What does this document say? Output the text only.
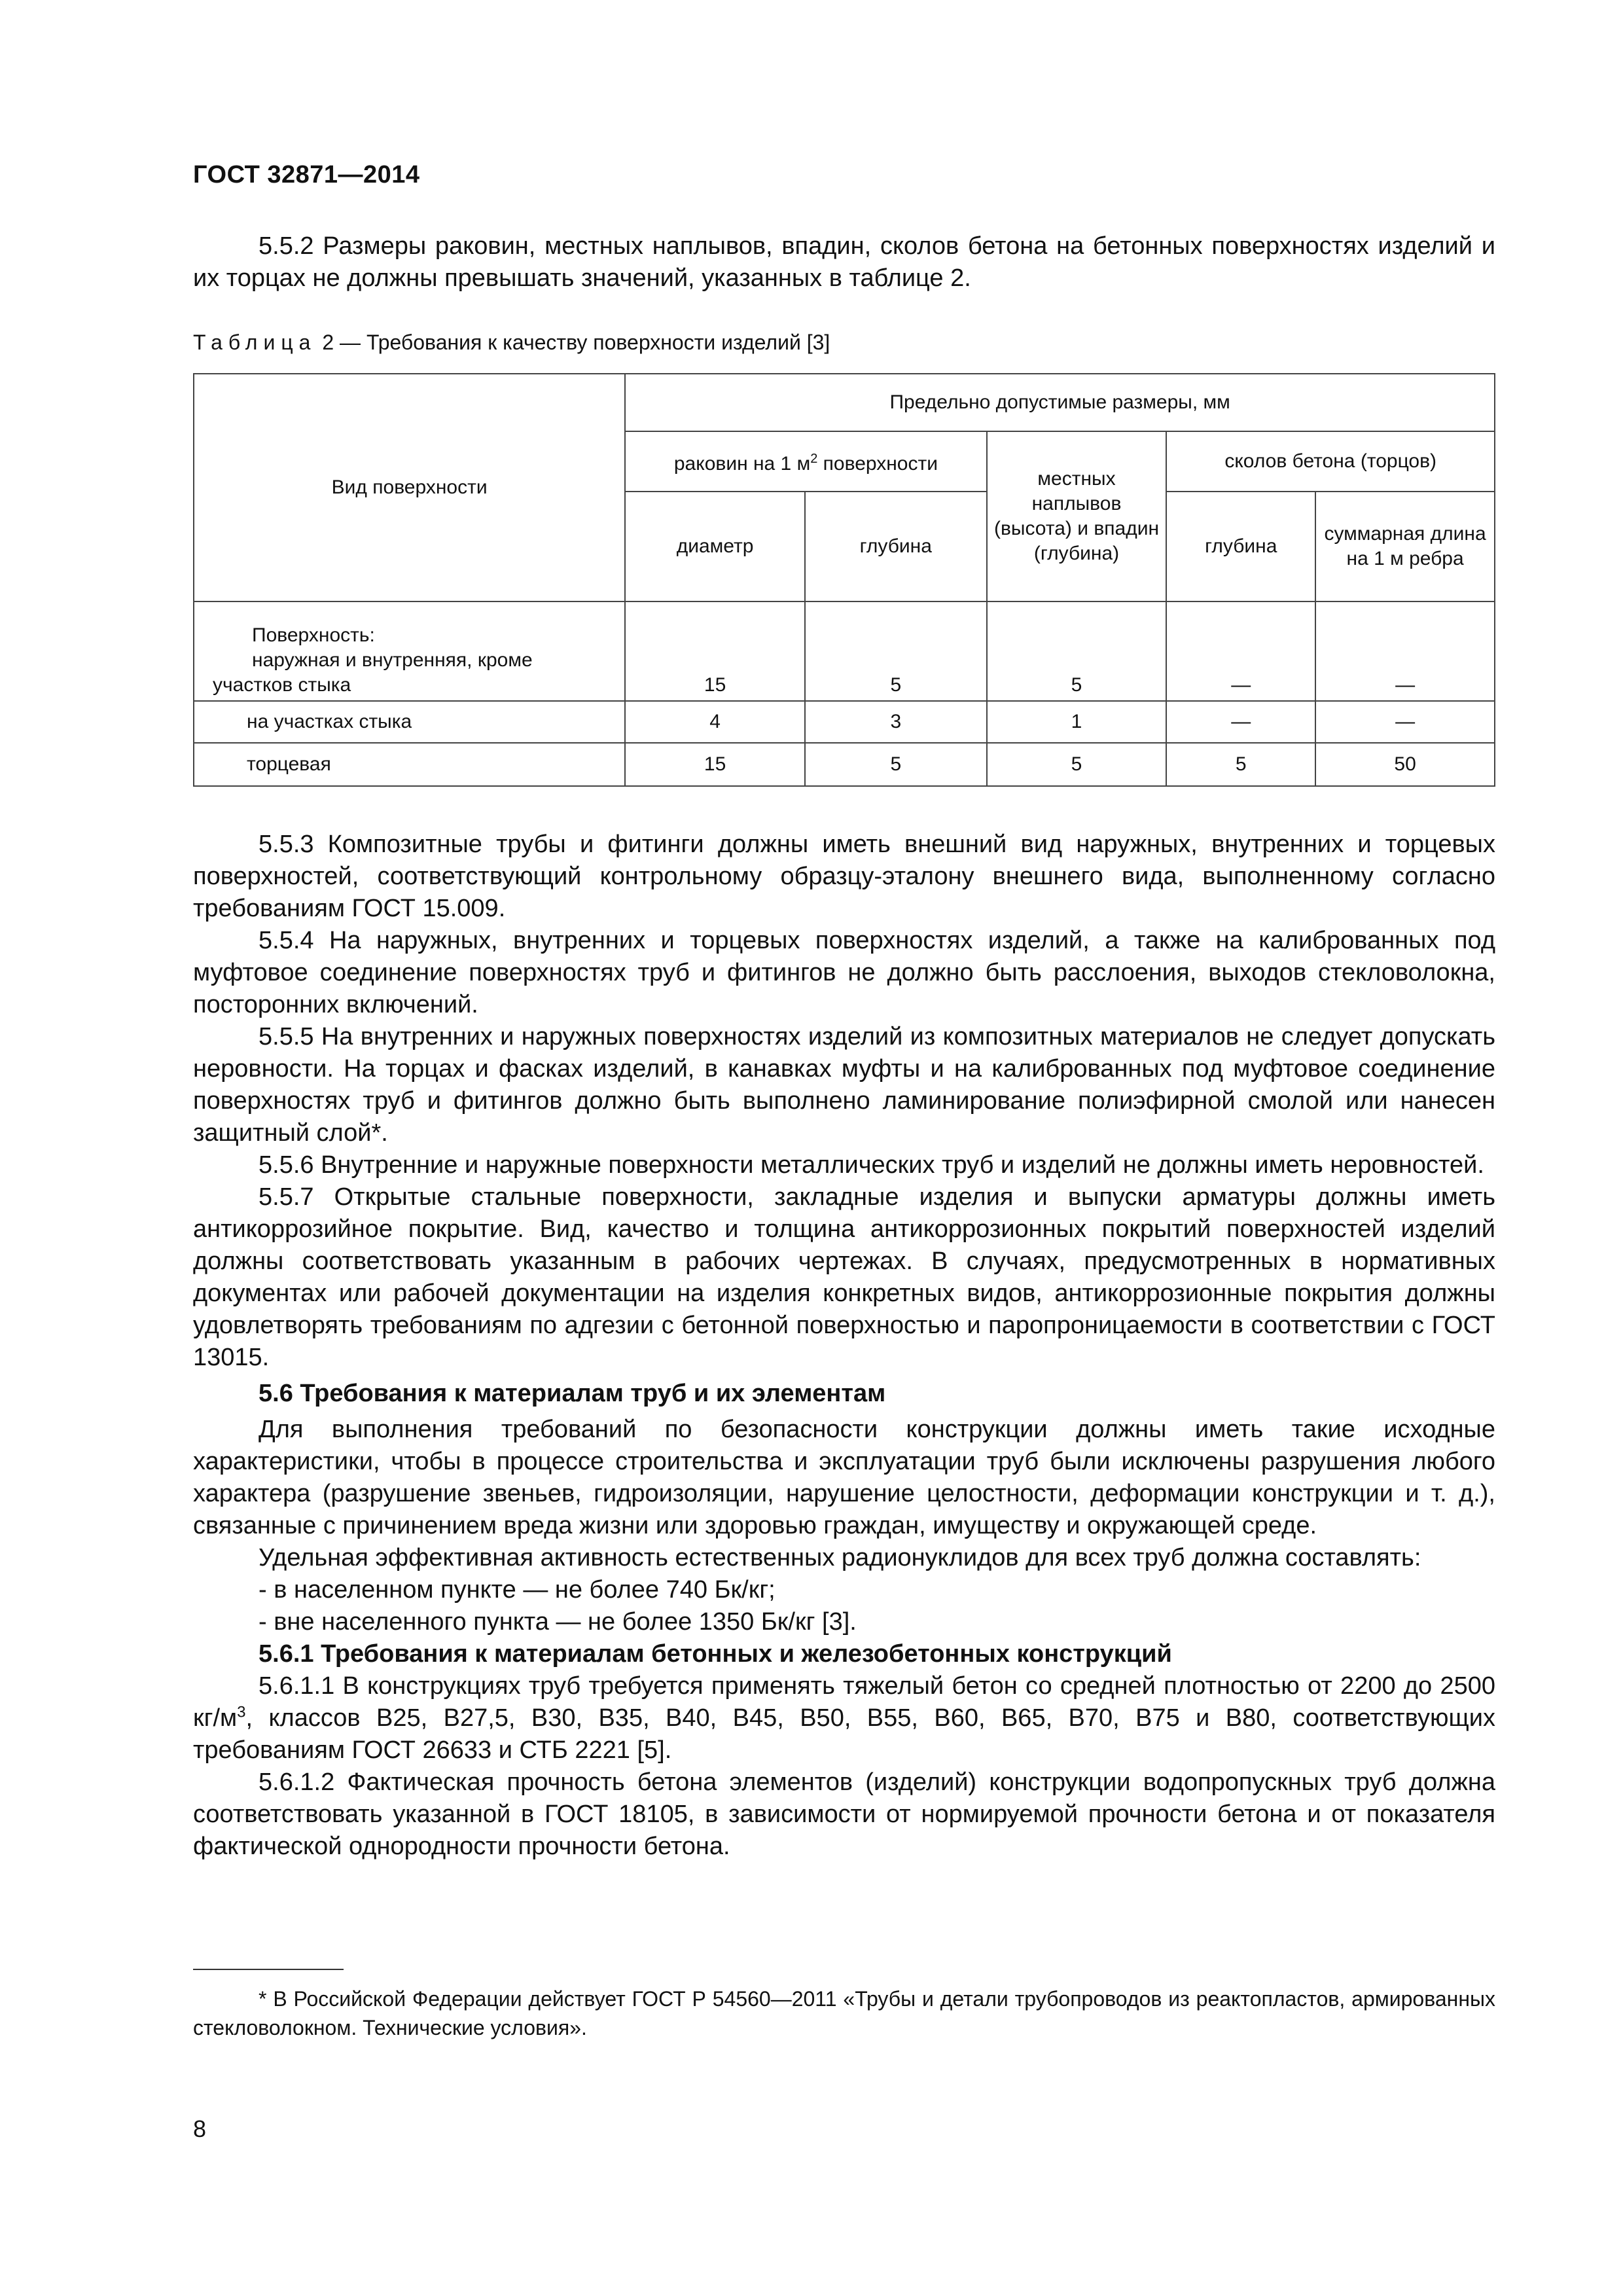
ГОСТ 32871—2014

5.5.2 Размеры раковин, местных наплывов, впадин, сколов бетона на бетонных поверхностях изделий и их торцах не должны превышать значений, указанных в таблице 2.

Таблица 2 — Требования к качеству поверхности изделий [3]
Вид поверхности	Предельно допустимые размеры, мм				
	раковин на 1 $м^2$ поверхности		местных наплывов (высота) и впадин (глубина)	сколов бетона (торцов)	
	диаметр	глубина		глубина	суммарная длина на 1 м ребра

Поверхность:
наружная и внутренняя, кроме
участков стыка	15	5	5	—	—
на участках стыка	4	3	1	—	—
торцевая	15	5	5	5	50

5.5.3 Композитные трубы и фитинги должны иметь внешний вид наружных, внутренних и торцевых поверхностей, соответствующий контрольному образцу-эталону внешнего вида, выполненному согласно требованиям ГОСТ 15.009.

5.5.4 На наружных, внутренних и торцевых поверхностях изделий, а также на калиброванных под муфтовое соединение поверхностях труб и фитингов не должно быть расслоения, выходов стекловолокна, посторонних включений.

5.5.5 На внутренних и наружных поверхностях изделий из композитных материалов не следует допускать неровности. На торцах и фасках изделий, в канавках муфты и на калиброванных под муфтовое соединение поверхностях труб и фитингов должно быть выполнено ламинирование полиэфирной смолой или нанесен защитный слой*.

5.5.6 Внутренние и наружные поверхности металлических труб и изделий не должны иметь неровностей.

5.5.7 Открытые стальные поверхности, закладные изделия и выпуски арматуры должны иметь антикоррозийное покрытие. Вид, качество и толщина антикоррозионных покрытий поверхностей изделий должны соответствовать указанным в рабочих чертежах. В случаях, предусмотренных в нормативных документах или рабочей документации на изделия конкретных видов, антикоррозионные покрытия должны удовлетворять требованиям по адгезии с бетонной поверхностью и паропроницаемости в соответствии с ГОСТ 13015.

5.6 Требования к материалам труб и их элементам

Для выполнения требований по безопасности конструкции должны иметь такие исходные характеристики, чтобы в процессе строительства и эксплуатации труб были исключены разрушения любого характера (разрушение звеньев, гидроизоляции, нарушение целостности, деформации конструкции и т. д.), связанные с причинением вреда жизни или здоровью граждан, имуществу и окружающей среде.

Удельная эффективная активность естественных радионуклидов для всех труб должна составлять:

- в населенном пункте — не более 740 Бк/кг;

- вне населенного пункта — не более 1350 Бк/кг [3].

5.6.1 Требования к материалам бетонных и железобетонных конструкций

5.6.1.1 В конструкциях труб требуется применять тяжелый бетон со средней плотностью от 2200 до 2500 $кг/м^3$, классов В25, В27,5, В30, В35, В40, В45, В50, В55, В60, В65, В70, В75 и В80, соответствующих требованиям ГОСТ 26633 и СТБ 2221 [5].

5.6.1.2 Фактическая прочность бетона элементов (изделий) конструкции водопропускных труб должна соответствовать указанной в ГОСТ 18105, в зависимости от нормируемой прочности бетона и от показателя фактической однородности прочности бетона.

* В Российской Федерации действует ГОСТ Р 54560—2011 «Трубы и детали трубопроводов из реактопластов, армированных стекловолокном. Технические условия».

8
